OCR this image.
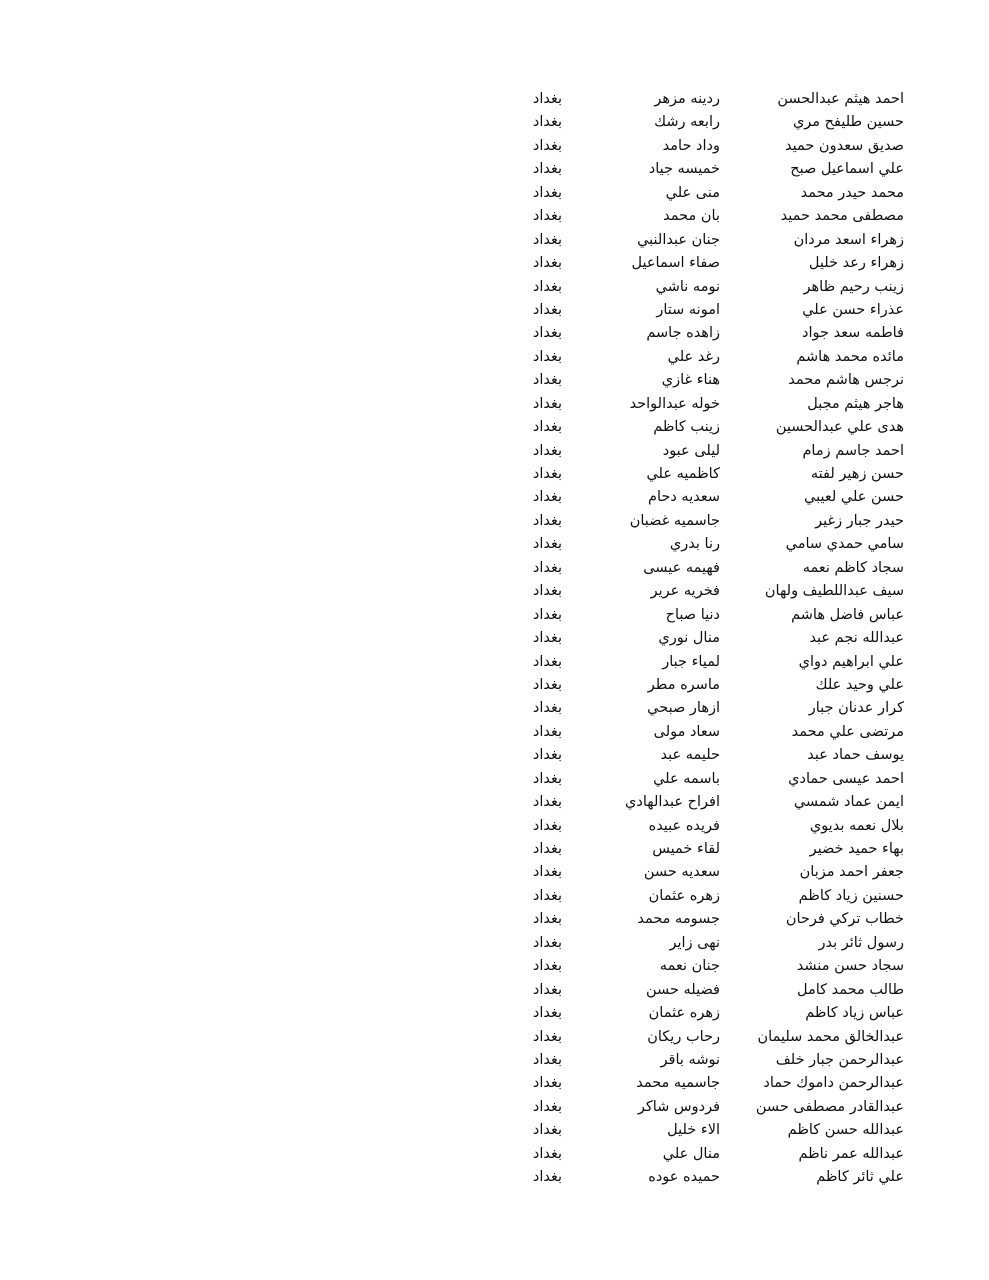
احمد هيثم عبدالحسن
ردينه مزهر
بغداد
حسين طليفح مري
رابعه رشك
بغداد
صديق سعدون حميد
وداد حامد
بغداد
علي اسماعيل صبح
خميسه جياد
بغداد
محمد حيدر محمد
منى علي
بغداد
مصطفى محمد حميد
بان محمد
بغداد
زهراء اسعد مردان
جنان عبدالنبي
بغداد
زهراء رعد خليل
صفاء اسماعيل
بغداد
زينب رحيم ظاهر
نومه ناشي
بغداد
عذراء حسن علي
امونه ستار
بغداد
فاطمه سعد جواد
زاهده جاسم
بغداد
مائده محمد هاشم
رغد علي
بغداد
نرجس هاشم محمد
هناء غازي
بغداد
هاجر هيثم مجبل
خوله عبدالواحد
بغداد
هدى علي عبدالحسين
زينب كاظم
بغداد
احمد جاسم زمام
ليلى عبود
بغداد
حسن زهير لفته
كاظميه علي
بغداد
حسن علي لعيبي
سعديه دحام
بغداد
حيدر جبار زغير
جاسميه غضبان
بغداد
سامي حمدي سامي
رنا بدري
بغداد
سجاد كاظم نعمه
فهيمه عيسى
بغداد
سيف عبداللطيف ولهان
فخريه عرير
بغداد
عباس فاضل هاشم
دنيا صباح
بغداد
عبدالله نجم عبد
منال نوري
بغداد
علي ابراهيم دواي
لمياء جبار
بغداد
علي وحيد علك
ماسره مطر
بغداد
كرار عدنان جبار
ازهار صبحي
بغداد
مرتضى علي محمد
سعاد مولى
بغداد
يوسف حماد عبد
حليمه عبد
بغداد
احمد عيسى حمادي
باسمه علي
بغداد
ايمن عماد شمسي
افراح عبدالهادي
بغداد
بلال نعمه بديوي
فريده عبيده
بغداد
بهاء حميد خضير
لقاء خميس
بغداد
جعفر احمد مزبان
سعديه حسن
بغداد
حسنين زياد كاظم
زهره عثمان
بغداد
خطاب تركي فرحان
جسومه محمد
بغداد
رسول ثائر بدر
نهى زاير
بغداد
سجاد حسن منشد
جنان نعمه
بغداد
طالب محمد كامل
فضيله حسن
بغداد
عباس زياد كاظم
زهره عثمان
بغداد
عبدالخالق محمد سليمان
رحاب ريكان
بغداد
عبدالرحمن جبار خلف
نوشه باقر
بغداد
عبدالرحمن داموك حماد
جاسميه محمد
بغداد
عبدالقادر مصطفى حسن
فردوس شاكر
بغداد
عبدالله حسن كاظم
الاء خليل
بغداد
عبدالله عمر ناظم
منال علي
بغداد
علي ثائر كاظم
حميده عوده
بغداد
